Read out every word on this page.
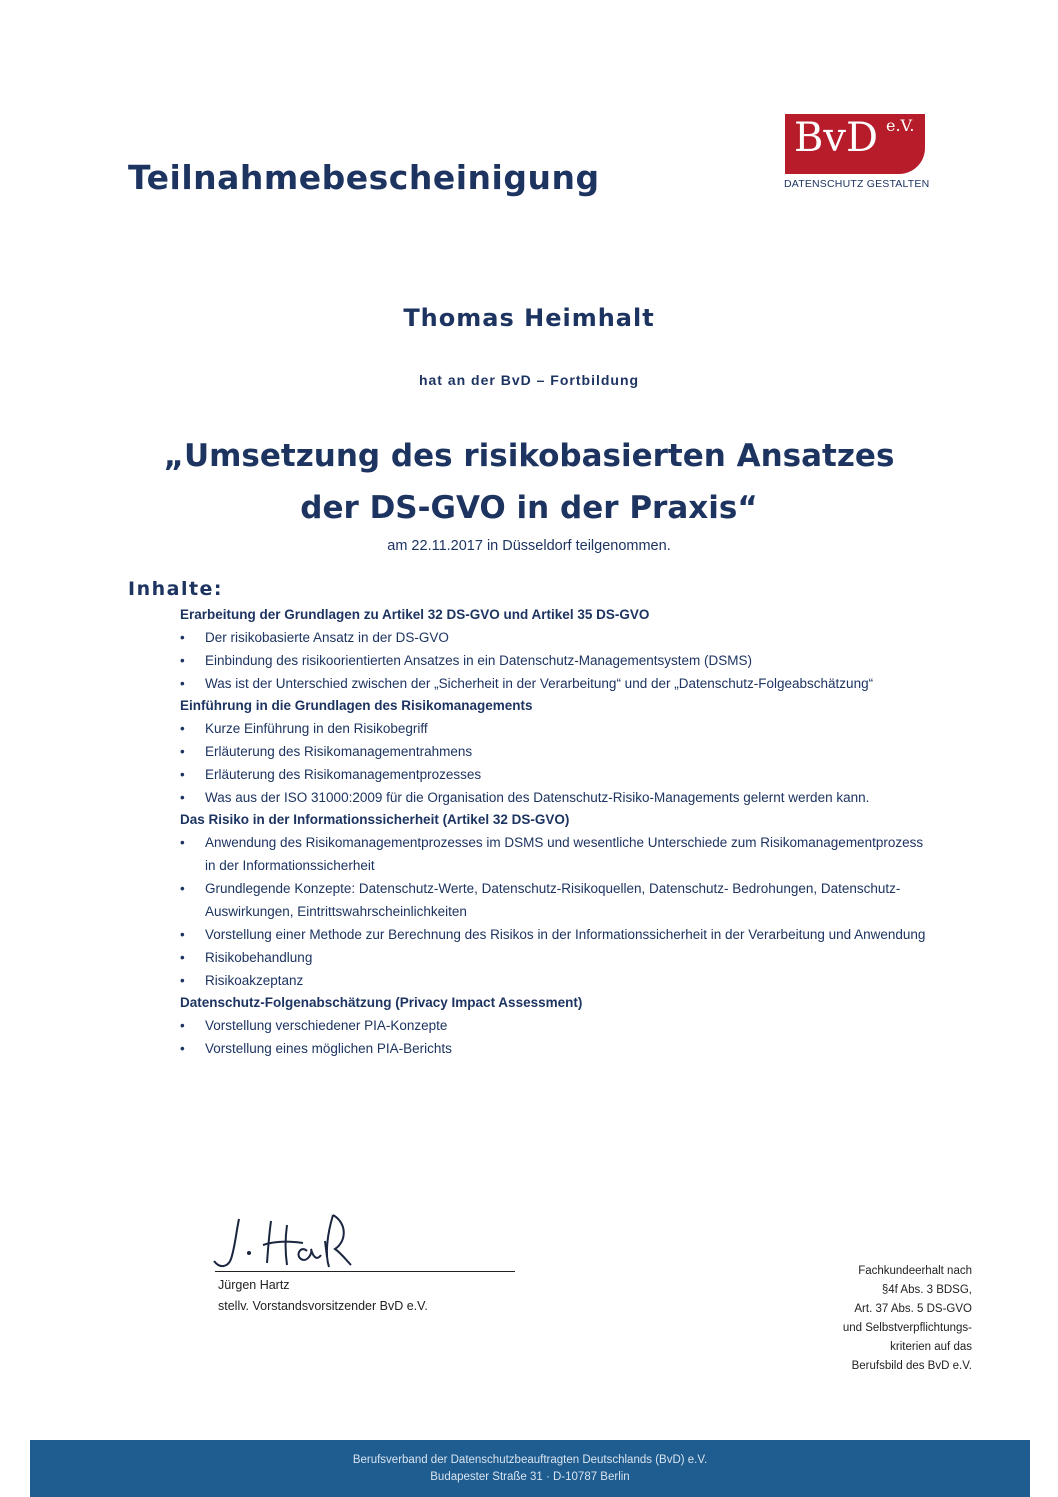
Teilnahmebescheinigung
BvD e.V.
DATENSCHUTZ GESTALTEN
Thomas Heimhalt
hat an der BvD – Fortbildung
„Umsetzung des risikobasierten Ansatzes
der DS-GVO in der Praxis“
am 22.11.2017 in Düsseldorf teilgenommen.
Inhalte:
Erarbeitung der Grundlagen zu Artikel 32 DS-GVO und Artikel 35 DS-GVO
• Der risikobasierte Ansatz in der DS-GVO
• Einbindung des risikoorientierten Ansatzes in ein Datenschutz-Managementsystem (DSMS)
• Was ist der Unterschied zwischen der „Sicherheit in der Verarbeitung“ und der „Datenschutz-Folgeabschätzung“
Einführung in die Grundlagen des Risikomanagements
• Kurze Einführung in den Risikobegriff
• Erläuterung des Risikomanagementrahmens
• Erläuterung des Risikomanagementprozesses
• Was aus der ISO 31000:2009 für die Organisation des Datenschutz-Risiko-Managements gelernt werden kann.
Das Risiko in der Informationssicherheit (Artikel 32 DS-GVO)
• Anwendung des Risikomanagementprozesses im DSMS und wesentliche Unterschiede zum Risikomanagementprozess in der Informationssicherheit
• Grundlegende Konzepte: Datenschutz-Werte, Datenschutz-Risikoquellen, Datenschutz- Bedrohungen, Datenschutz-Auswirkungen, Eintrittswahrscheinlichkeiten
• Vorstellung einer Methode zur Berechnung des Risikos in der Informationssicherheit in der Verarbeitung und Anwendung
• Risikobehandlung
• Risikoakzeptanz
Datenschutz-Folgenabschätzung (Privacy Impact Assessment)
• Vorstellung verschiedener PIA-Konzepte
• Vorstellung eines möglichen PIA-Berichts
Jürgen Hartz
stellv. Vorstandsvorsitzender BvD e.V.
Fachkundeerhalt nach
§4f Abs. 3 BDSG,
Art. 37 Abs. 5 DS-GVO
und Selbstverpflichtungs-
kriterien auf das
Berufsbild des BvD e.V.
Berufsverband der Datenschutzbeauftragten Deutschlands (BvD) e.V.
Budapester Straße 31 · D-10787 Berlin
